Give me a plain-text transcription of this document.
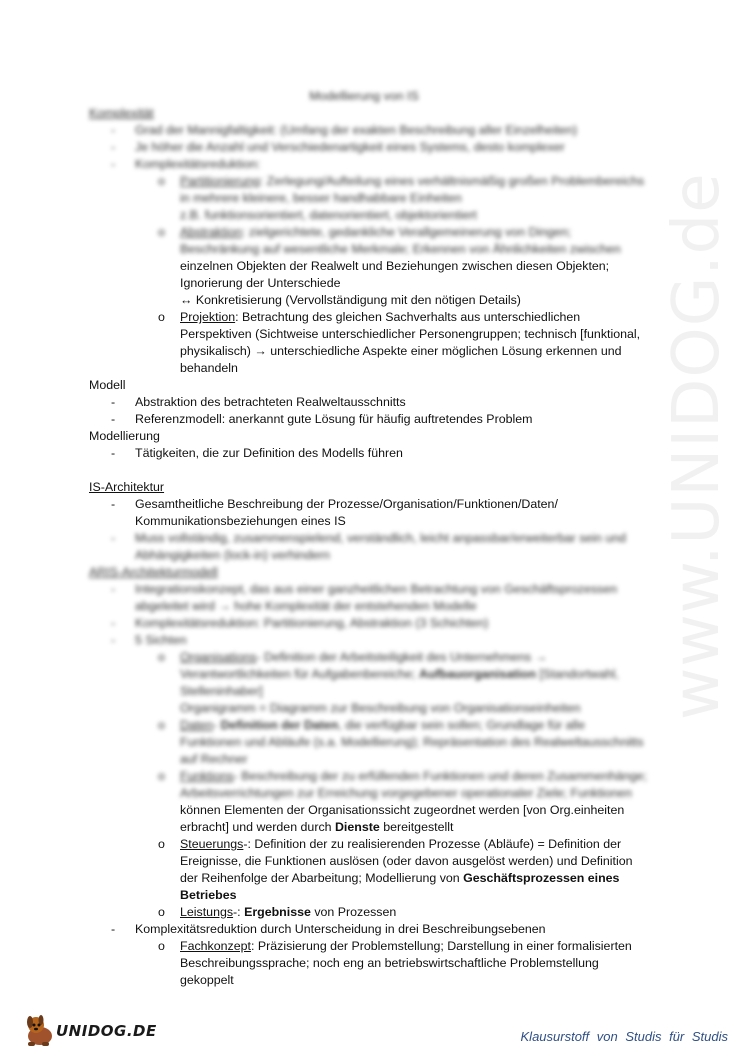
www.UNIDOG.de
Modellierung von IS
Komplexität
- Grad der Mannigfaltigkeit: (Umfang der exakten Beschreibung aller Einzelheiten)
- Je höher die Anzahl und Verschiedenartigkeit eines Systems, desto komplexer
- Komplexitätsreduktion:
o Partitionierung: Zerlegung/Aufteilung eines verhältnismäßig großen Problembereichs
in mehrere kleinere, besser handhabbare Einheiten
z.B. funktionsorientiert, datenorientiert, objektorientiert
o Abstraktion: zielgerichtete, gedankliche Verallgemeinerung von Dingen;
Beschränkung auf wesentliche Merkmale; Erkennen von Ähnlichkeiten zwischen
einzelnen Objekten der Realwelt und Beziehungen zwischen diesen Objekten;
Ignorierung der Unterschiede
↔ Konkretisierung (Vervollständigung mit den nötigen Details)
o Projektion: Betrachtung des gleichen Sachverhalts aus unterschiedlichen
Perspektiven (Sichtweise unterschiedlicher Personengruppen; technisch [funktional,
physikalisch) → unterschiedliche Aspekte einer möglichen Lösung erkennen und
behandeln
Modell
- Abstraktion des betrachteten Realweltausschnitts
- Referenzmodell: anerkannt gute Lösung für häufig auftretendes Problem
Modellierung
- Tätigkeiten, die zur Definition des Modells führen
IS-Architektur
- Gesamtheitliche Beschreibung der Prozesse/Organisation/Funktionen/Daten/
Kommunikationsbeziehungen eines IS
- Muss vollständig, zusammenspielend, verständlich, leicht anpassbar/erweiterbar sein und
Abhängigkeiten (lock-in) verhindern
ARIS-Architekturmodell
- Integrationskonzept, das aus einer ganzheitlichen Betrachtung von Geschäftsprozessen
abgeleitet wird → hohe Komplexität der entstehenden Modelle
- Komplexitätsreduktion: Partitionierung, Abstraktion (3 Schichten)
- 5 Sichten
o Organisations- Definition der Arbeitsteiligkeit des Unternehmens →
Verantwortlichkeiten für Aufgabenbereiche; Aufbauorganisation [Standortwahl,
Stelleninhaber]
Organigramm = Diagramm zur Beschreibung von Organisationseinheiten
o Daten- Definition der Daten, die verfügbar sein sollen; Grundlage für alle
Funktionen und Abläufe (s.a. Modellierung); Repräsentation des Realweltausschnitts
auf Rechner
o Funktions- Beschreibung der zu erfüllenden Funktionen und deren Zusammenhänge;
Arbeitsverrichtungen zur Erreichung vorgegebener operationaler Ziele; Funktionen
können Elementen der Organisationssicht zugeordnet werden [von Org.einheiten
erbracht] und werden durch Dienste bereitgestellt
o Steuerungs-: Definition der zu realisierenden Prozesse (Abläufe) = Definition der
Ereignisse, die Funktionen auslösen (oder davon ausgelöst werden) und Definition
der Reihenfolge der Abarbeitung; Modellierung von Geschäftsprozessen eines
Betriebes
o Leistungs-: Ergebnisse von Prozessen
- Komplexitätsreduktion durch Unterscheidung in drei Beschreibungsebenen
o Fachkonzept: Präzisierung der Problemstellung; Darstellung in einer formalisierten
Beschreibungssprache; noch eng an betriebswirtschaftliche Problemstellung
gekoppelt
UNIDOG.DE	Klausurstoff von Studis für Studis
